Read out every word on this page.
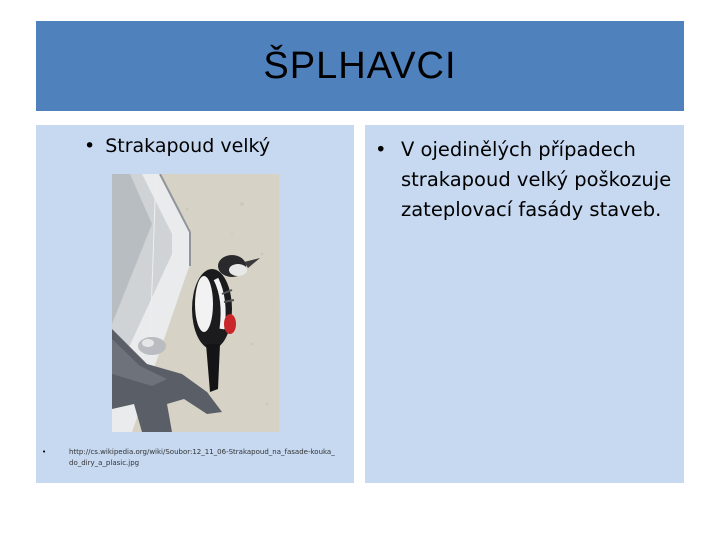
ŠPLHAVCI
• Strakapoud velký
•	http://cs.wikipedia.org/wiki/Soubor:12_11_06-Strakapoud_na_fasade-kouka_do_diry_a_plasic.jpg
• V ojedinělých případech strakapoud velký poškozuje zateplovací fasády staveb.
